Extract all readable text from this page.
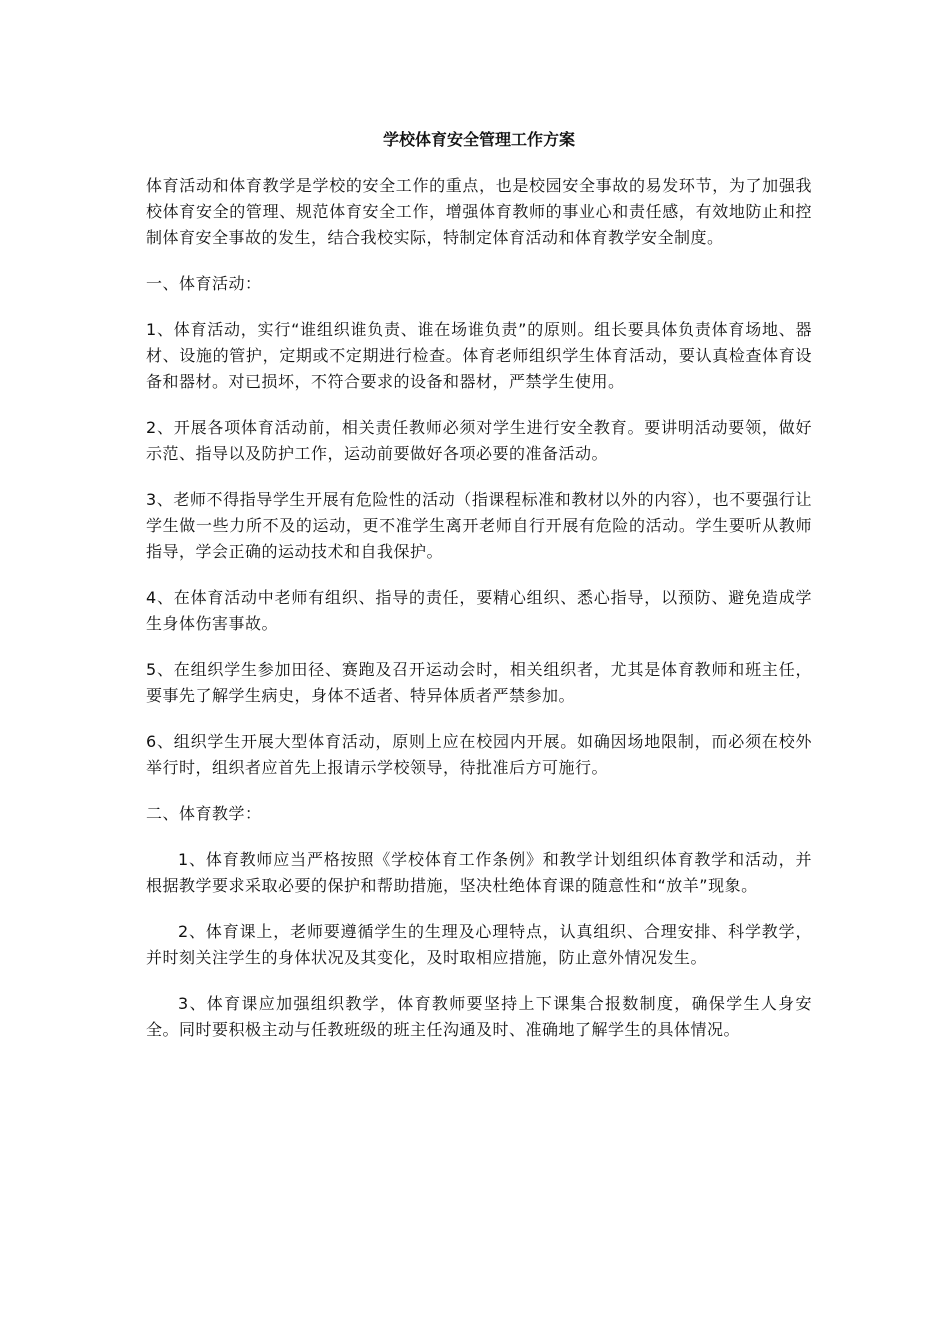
学校体育安全管理工作方案
体育活动和体育教学是学校的安全工作的重点，也是校园安全事故的易发环节，为了加强我校体育安全的管理、规范体育安全工作，增强体育教师的事业心和责任感，有效地防止和控制体育安全事故的发生，结合我校实际，特制定体育活动和体育教学安全制度。
一、体育活动：
1、体育活动，实行“谁组织谁负责、谁在场谁负责”的原则。组长要具体负责体育场地、器材、设施的管护，定期或不定期进行检查。体育老师组织学生体育活动，要认真检查体育设备和器材。对已损坏，不符合要求的设备和器材，严禁学生使用。
2、开展各项体育活动前，相关责任教师必须对学生进行安全教育。要讲明活动要领，做好示范、指导以及防护工作，运动前要做好各项必要的准备活动。
3、老师不得指导学生开展有危险性的活动（指课程标准和教材以外的内容），也不要强行让学生做一些力所不及的运动，更不准学生离开老师自行开展有危险的活动。学生要听从教师指导，学会正确的运动技术和自我保护。
4、在体育活动中老师有组织、指导的责任，要精心组织、悉心指导，以预防、避免造成学生身体伤害事故。
5、在组织学生参加田径、赛跑及召开运动会时，相关组织者，尤其是体育教师和班主任，要事先了解学生病史，身体不适者、特异体质者严禁参加。
6、组织学生开展大型体育活动，原则上应在校园内开展。如确因场地限制，而必须在校外举行时，组织者应首先上报请示学校领导，待批准后方可施行。
二、体育教学：
1、体育教师应当严格按照《学校体育工作条例》和教学计划组织体育教学和活动，并根据教学要求采取必要的保护和帮助措施，坚决杜绝体育课的随意性和“放羊”现象。
2、体育课上，老师要遵循学生的生理及心理特点，认真组织、合理安排、科学教学，并时刻关注学生的身体状况及其变化，及时取相应措施，防止意外情况发生。
3、体育课应加强组织教学，体育教师要坚持上下课集合报数制度，确保学生人身安全。同时要积极主动与任教班级的班主任沟通及时、准确地了解学生的具体情况。
